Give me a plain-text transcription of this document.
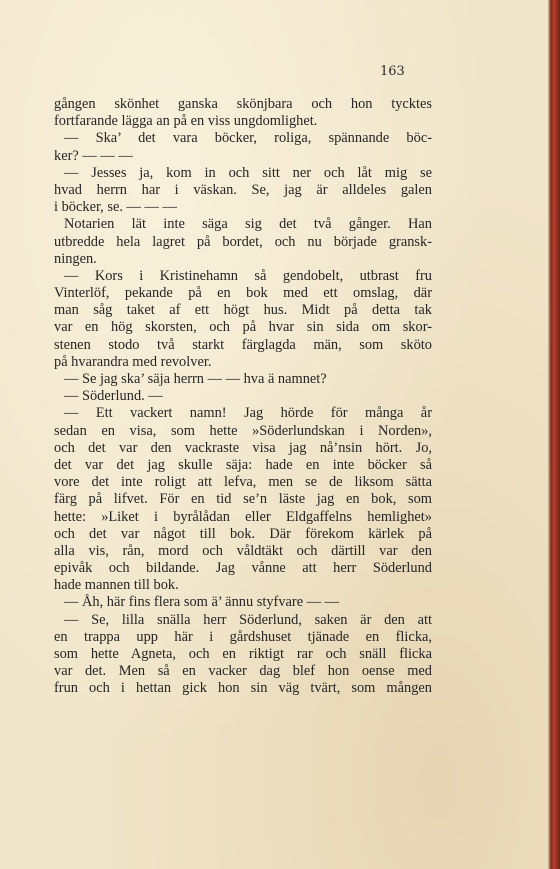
163
gången skönhet ganska skönjbara och hon tycktes
fortfarande lägga an på en viss ungdomlighet.
— Ska’ det vara böcker, roliga, spännande böc-
ker? — — —
— Jesses ja, kom in och sitt ner och låt mig se
hvad herrn har i väskan. Se, jag är alldeles galen
i böcker, se. — — —
Notarien lät inte säga sig det två gånger. Han
utbredde hela lagret på bordet, och nu började gransk-
ningen.
— Kors i Kristinehamn så gendobelt, utbrast fru
Vinterlöf, pekande på en bok med ett omslag, där
man såg taket af ett högt hus. Midt på detta tak
var en hög skorsten, och på hvar sin sida om skor-
stenen stodo två starkt färglagda män, som sköto
på hvarandra med revolver.
— Se jag ska’ säja herrn — — hva ä namnet?
— Söderlund. —
— Ett vackert namn! Jag hörde för många år
sedan en visa, som hette »Söderlundskan i Norden»,
och det var den vackraste visa jag nå’nsin hört. Jo,
det var det jag skulle säja: hade en inte böcker så
vore det inte roligt att lefva, men se de liksom sätta
färg på lifvet. För en tid se’n läste jag en bok, som
hette: »Liket i byrålådan eller Eldgaffelns hemlighet»
och det var något till bok. Där förekom kärlek på
alla vis, rån, mord och våldtäkt och därtill var den
epivåk och bildande. Jag vånne att herr Söderlund
hade mannen till bok.
— Åh, här fins flera som ä’ ännu styfvare — —
— Se, lilla snälla herr Söderlund, saken är den att
en trappa upp här i gårdshuset tjänade en flicka,
som hette Agneta, och en riktigt rar och snäll flicka
var det. Men så en vacker dag blef hon oense med
frun och i hettan gick hon sin väg tvärt, som mången
